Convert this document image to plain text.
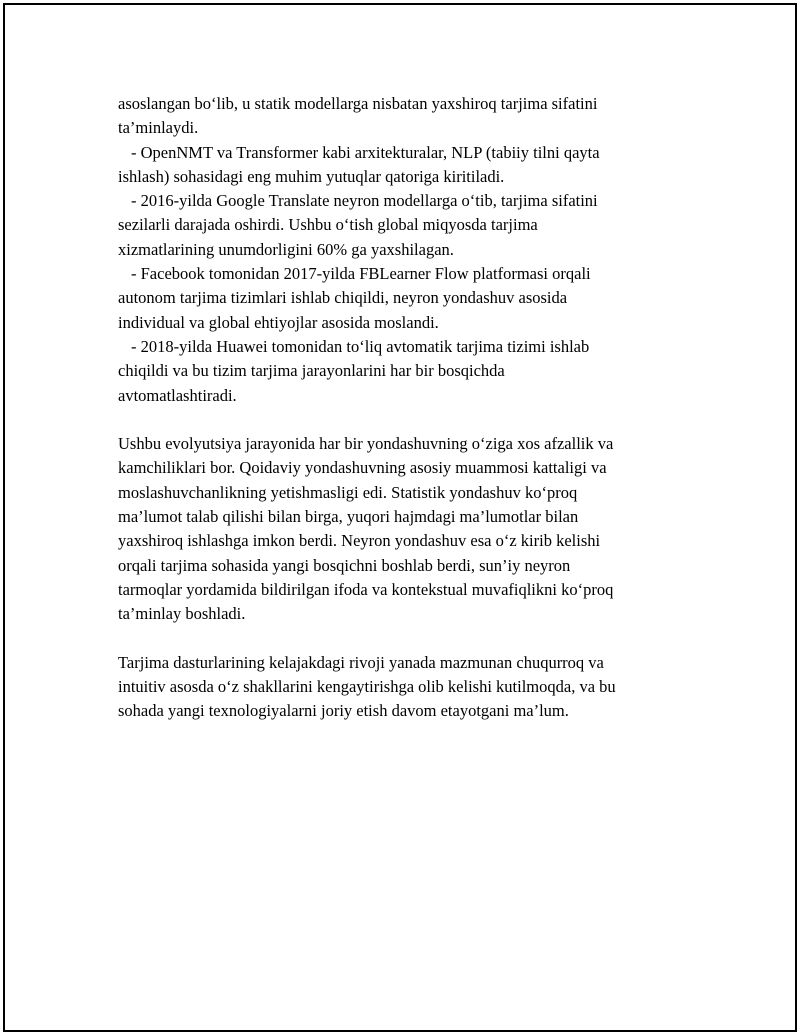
asoslangan bo‘lib, u statik modellarga nisbatan yaxshiroq tarjima sifatini
ta’minlaydi.
- OpenNMT va Transformer kabi arxitekturalar, NLP (tabiiy tilni qayta
ishlash) sohasidagi eng muhim yutuqlar qatoriga kiritiladi.
- 2016-yilda Google Translate neyron modellarga o‘tib, tarjima sifatini
sezilarli darajada oshirdi. Ushbu o‘tish global miqyosda tarjima
xizmatlarining unumdorligini 60% ga yaxshilagan.
- Facebook tomonidan 2017-yilda FBLearner Flow platformasi orqali
autonom tarjima tizimlari ishlab chiqildi, neyron yondashuv asosida
individual va global ehtiyojlar asosida moslandi.
- 2018-yilda Huawei tomonidan to‘liq avtomatik tarjima tizimi ishlab
chiqildi va bu tizim tarjima jarayonlarini har bir bosqichda
avtomatlashtiradi.
Ushbu evolyutsiya jarayonida har bir yondashuvning o‘ziga xos afzallik va
kamchiliklari bor. Qoidaviy yondashuvning asosiy muammosi kattaligi va
moslashuvchanlikning yetishmasligi edi. Statistik yondashuv ko‘proq
ma’lumot talab qilishi bilan birga, yuqori hajmdagi ma’lumotlar bilan
yaxshiroq ishlashga imkon berdi. Neyron yondashuv esa o‘z kirib kelishi
orqali tarjima sohasida yangi bosqichni boshlab berdi, sun’iy neyron
tarmoqlar yordamida bildirilgan ifoda va kontekstual muvafiqlikni ko‘proq
ta’minlay boshladi.
Tarjima dasturlarining kelajakdagi rivoji yanada mazmunan chuqurroq va
intuitiv asosda o‘z shakllarini kengaytirishga olib kelishi kutilmoqda, va bu
sohada yangi texnologiyalarni joriy etish davom etayotgani ma’lum.
